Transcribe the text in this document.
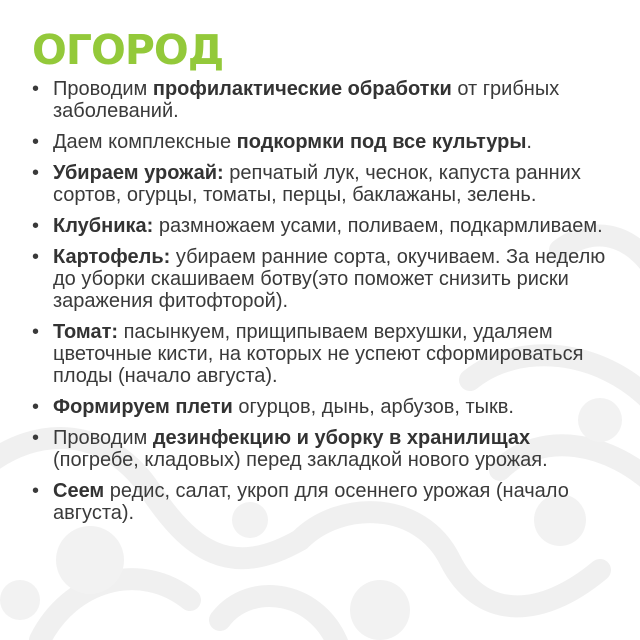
ОГОРОД
• Проводим профилактические обработки от грибных заболеваний.
• Даем комплексные подкормки под все культуры.
• Убираем урожай: репчатый лук, чеснок, капуста ранних сортов, огурцы, томаты, перцы, баклажаны, зелень.
• Клубника: размножаем усами, поливаем, подкармливаем.
• Картофель: убираем ранние сорта, окучиваем. За неделю до уборки скашиваем ботву(это поможет снизить риски заражения фитофторой).
• Томат: пасынкуем, прищипываем верхушки, удаляем цветочные кисти, на которых не успеют сформироваться плоды (начало августа).
• Формируем плети огурцов, дынь, арбузов, тыкв.
• Проводим дезинфекцию и уборку в хранилищах (погребе, кладовых) перед закладкой нового урожая.
• Сеем редис, салат, укроп для осеннего урожая (начало августа).
